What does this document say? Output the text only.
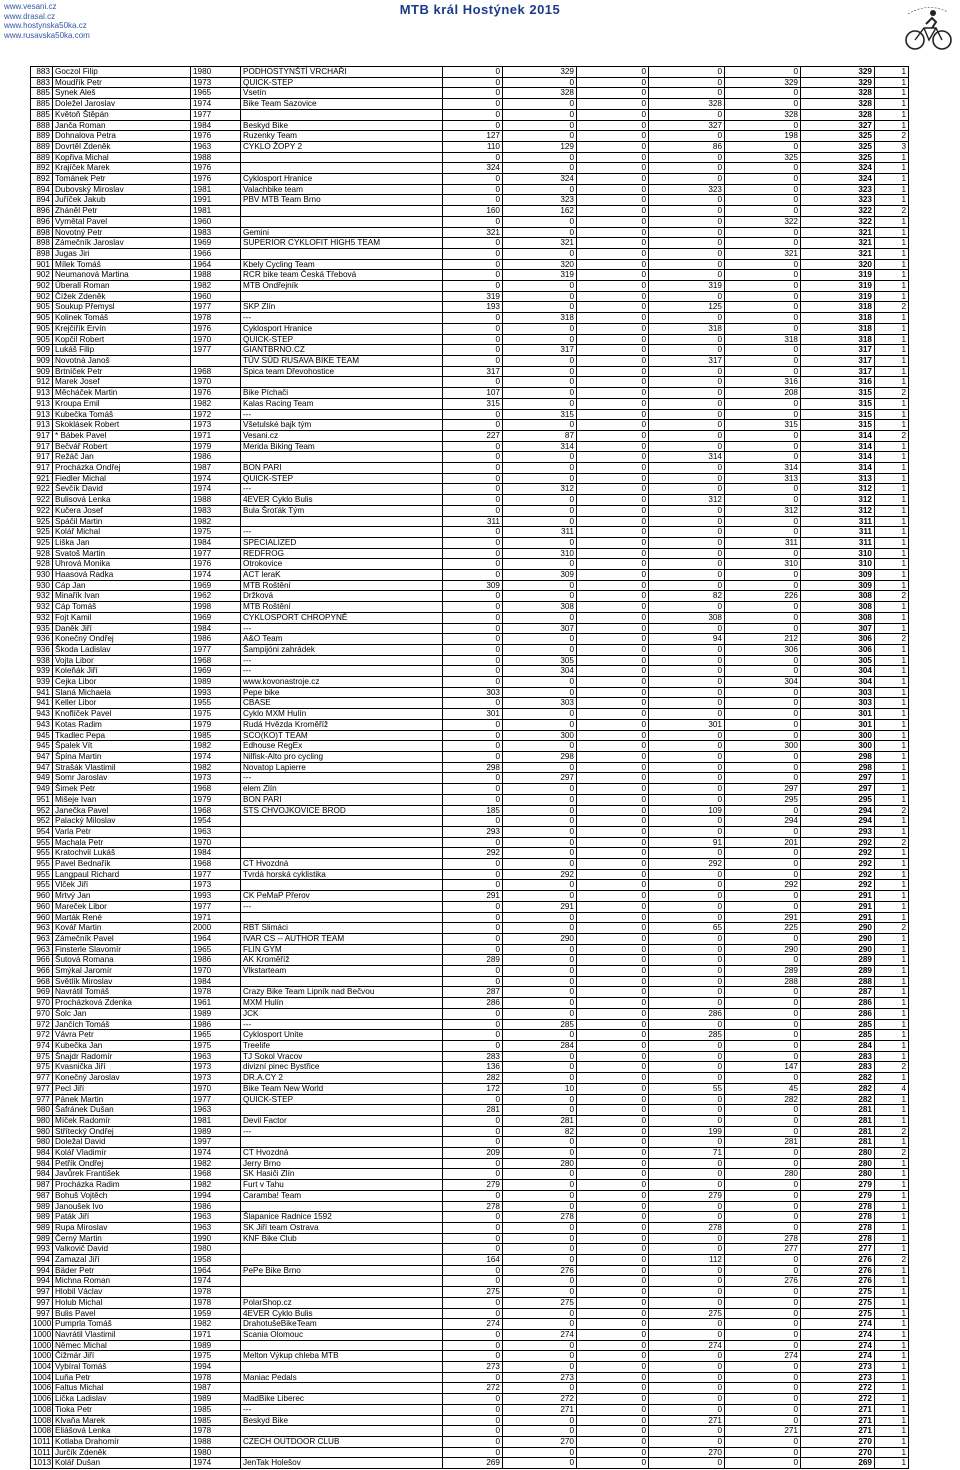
www.vesani.cz
www.drasal.cz
www.hostynska50ka.cz
www.rusavska50ka.com
MTB král Hostýnek 2015
883	Goczol Filip	1980	PODHOSTYNŠTÍ VRCHAŘI	0	329	0	0	0	329	1
883	Moudřík Petr	1973	QUICK-STEP	0	0	0	0	329	329	1
885	Synek Aleš	1965	Vsetín	0	328	0	0	0	328	1
885	Doležel Jaroslav	1974	Bike Team Sazovice	0	0	0	328	0	328	1
885	Květoň Štěpán	1977		0	0	0	0	328	328	1
888	Janča Roman	1984	Beskyd Bike	0	0	0	327	0	327	1
889	Dohnalova Petra	1976	Ruzenky Team	127	0	0	0	198	325	2
889	Dovrtěl Zdeněk	1963	CYKLO ŽOPY 2	110	129	0	86	0	325	3
889	Kopřiva Michal	1988		0	0	0	0	325	325	1
892	Krajíček Marek	1976		324	0	0	0	0	324	1
892	Tománek Petr	1976	Cyklosport Hranice	0	324	0	0	0	324	1
894	Dubovský Miroslav	1981	Valachbike team	0	0	0	323	0	323	1
894	Juříček Jakub	1991	PBV MTB Team Brno	0	323	0	0	0	323	1
896	Zháněl Petr	1981		160	162	0	0	0	322	2
896	Vymětal Pavel	1960		0	0	0	0	322	322	1
898	Novotný Petr	1983	Gemini	321	0	0	0	0	321	1
898	Zámečník Jaroslav	1969	SUPERIOR CYKLOFIT HIGH5 TEAM	0	321	0	0	0	321	1
898	Jugas Jiri	1966		0	0	0	0	321	321	1
901	Mílek Tomáš	1964	Kbely Cycling Team	0	320	0	0	0	320	1
902	Neumanová Martina	1988	RCR bike team Česká Třebová	0	319	0	0	0	319	1
902	Überall Roman	1982	MTB Ondřejník	0	0	0	319	0	319	1
902	Čížek Zdeněk	1960		319	0	0	0	0	319	1
905	Soukup Přemysl	1977	SKP Zlín	193	0	0	125	0	318	2
905	Kolinek Tomáš	1978	---	0	318	0	0	0	318	1
905	Krejčiřík Ervín	1976	Cyklosport Hranice	0	0	0	318	0	318	1
905	Kopčil Robert	1970	QUICK-STEP	0	0	0	0	318	318	1
909	Lukáš Filip	1977	GIANTBRNO.CZ	0	317	0	0	0	317	1
909	Novotná Janoš		TÜV SÜD RUSAVA BIKE TEAM	0	0	0	317	0	317	1
909	Brtníček Petr	1968	Spica team Dřevohostice	317	0	0	0	0	317	1
912	Marek Josef	1970		0	0	0	0	316	316	1
913	Měcháček Martin	1976	Bike Píchači	107	0	0	0	208	315	2
913	Kroupa Emil	1982	Kalas Racing Team	315	0	0	0	0	315	1
913	Kubečka Tomáš	1972	---	0	315	0	0	0	315	1
913	Skoklásek Robert	1973	Všetulské bajk tým	0	0	0	0	315	315	1
917	* Bábek Pavel	1971	Vesani.cz	227	87	0	0	0	314	2
917	Bečvář Robert	1979	Merida Biking Team	0	314	0	0	0	314	1
917	Režáč Jan	1986		0	0	0	314	0	314	1
917	Procházka Ondřej	1987	BON PARI	0	0	0	0	314	314	1
921	Fiedler Michal	1974	QUICK-STEP	0	0	0	0	313	313	1
922	Ševčík David	1974	---	0	312	0	0	0	312	1
922	Bulisová Lenka	1988	4EVER Cyklo Bulis	0	0	0	312	0	312	1
922	Kučera Josef	1983	Bula Šroťák Tým	0	0	0	0	312	312	1
925	Spáčil Martin	1982		311	0	0	0	0	311	1
925	Kolář Michal	1975	---	0	311	0	0	0	311	1
925	Liška Jan	1984	SPECIALIZED	0	0	0	0	311	311	1
928	Svatoš Martin	1977	REDFROG	0	310	0	0	0	310	1
928	Uhrová Monika	1976	Otrokovice	0	0	0	0	310	310	1
930	Haasová Radka	1974	ACT leraK	0	309	0	0	0	309	1
930	Cáp Jan	1969	MTB Roštění	309	0	0	0	0	309	1
932	Minařík Ivan	1962	Držková	0	0	0	82	226	308	2
932	Cáp Tomáš	1998	MTB Roštění	0	308	0	0	0	308	1
932	Fojt Kamil	1969	CYKLOSPORT CHROPYNĚ	0	0	0	308	0	308	1
935	Daněk Jiří	1984	---	0	307	0	0	0	307	1
936	Konečný Ondřej	1986	A&O Team	0	0	0	94	212	306	2
936	Škoda Ladislav	1977	Šampijóni zahrádek	0	0	0	0	306	306	1
938	Vojta Libor	1968	---	0	305	0	0	0	305	1
939	Koleňák Jiří	1969	---	0	304	0	0	0	304	1
939	Cejka Libor	1989	www.kovonastroje.cz	0	0	0	0	304	304	1
941	Slaná Michaela	1993	Pepe bike	303	0	0	0	0	303	1
941	Keller Libor	1955	CBASE	0	303	0	0	0	303	1
943	Knoflíček Pavel	1975	Cyklo MXM Hulín	301	0	0	0	0	301	1
943	Kotas Radim	1979	Rudá Hvězda Kroměříž	0	0	0	301	0	301	1
945	Tkadlec Pepa	1985	SCO(KO)T TEAM	0	300	0	0	0	300	1
945	Špalek Vít	1982	Edhouse RegEx	0	0	0	0	300	300	1
947	Špína Martin	1974	Nilfisk-Alto pro cycling	0	298	0	0	0	298	1
947	Strašák Vlastimil	1982	Novatop Lapierre	298	0	0	0	0	298	1
949	Somr Jaroslav	1973	---	0	297	0	0	0	297	1
949	Šimek Petr	1968	elem Zlín	0	0	0	0	297	297	1
951	Mišeje Ivan	1979	BON PARI	0	0	0	0	295	295	1
952	Janečka Pavel	1968	STS CHVOJKOVICE BROD	185	0	0	109	0	294	2
952	Palacký Miloslav	1954		0	0	0	0	294	294	1
954	Varla Petr	1963		293	0	0	0	0	293	1
955	Machala Petr	1970		0	0	0	91	201	292	2
955	Kratochvil Lukáš	1984		292	0	0	0	0	292	1
955	Pavel Bednařík	1968	CT Hvozdná	0	0	0	292	0	292	1
955	Langpaul Richard	1977	Tvrdá horská cyklistika	0	292	0	0	0	292	1
955	Vlček Jiří	1973		0	0	0	0	292	292	1
960	Mrtvý Jan	1993	CK PeMaP Přerov	291	0	0	0	0	291	1
960	Mareček Libor	1977	---	0	291	0	0	0	291	1
960	Marták René	1971		0	0	0	0	291	291	1
963	Kovář Martin	2000	RBT Slimáci	0	0	0	65	225	290	2
963	Zámečník Pavel	1964	IVAR CS -- AUTHOR TEAM	0	290	0	0	0	290	1
963	Finsterle Slavomír	1965	FLIN GYM	0	0	0	0	290	290	1
966	Šutová Romana	1986	AK Kroměříž	289	0	0	0	0	289	1
966	Smýkal Jaromír	1970	Vlkstarteam	0	0	0	0	289	289	1
968	Světlík Miroslav	1984		0	0	0	0	288	288	1
969	Navrátil Tomáš	1978	Crazy Bike Team Lipník nad Bečvou	287	0	0	0	0	287	1
970	Procházková Zdenka	1961	MXM Hulín	286	0	0	0	0	286	1
970	Šolc Jan	1989	JCK	0	0	0	286	0	286	1
972	Jančích Tomáš	1986	---	0	285	0	0	0	285	1
972	Vávra Petr	1965	Cyklosport Unite	0	0	0	285	0	285	1
974	Kubečka Jan	1975	Treelife	0	284	0	0	0	284	1
975	Šnajdr Radomír	1963	TJ Sokol Vracov	283	0	0	0	0	283	1
975	Kvasnička Jiří	1973	divizní pinec Bystřice	136	0	0	0	147	283	2
977	Konečný Jaroslav	1973	DR.A.CY 2	282	0	0	0	0	282	1
977	Pecl Jiří	1970	Bike Team New World	172	10	0	55	45	282	4
977	Pánek Martin	1977	QUICK-STEP	0	0	0	0	282	282	1
980	Šafránek Dušan	1963		281	0	0	0	0	281	1
980	Míček Radomír	1981	Devil Factor	0	281	0	0	0	281	1
980	Střítecký Ondřej	1989	---	0	82	0	199	0	281	2
980	Doležal David	1997		0	0	0	0	281	281	1
984	Kolář Vladimír	1974	CT Hvozdná	209	0	0	71	0	280	2
984	Petřík Ondřej	1982	Jerry Brno	0	280	0	0	0	280	1
984	Javůrek František	1968	SK Hasiči Zlín	0	0	0	0	280	280	1
987	Procházka Radim	1982	Furt v Tahu	279	0	0	0	0	279	1
987	Bohuš Vojtěch	1994	Caramba! Team	0	0	0	279	0	279	1
989	Janoušek Ivo	1986		278	0	0	0	0	278	1
989	Paták Jiří	1963	Šlapanice Radnice 1592	0	278	0	0	0	278	1
989	Rupa Miroslav	1963	SK Jiří team Ostrava	0	0	0	278	0	278	1
989	Černý Martin	1990	KNF Bike Club	0	0	0	0	278	278	1
993	Valkovič David	1980		0	0	0	0	277	277	1
994	Zamazal Jiří	1958		164	0	0	112	0	276	2
994	Bäder Petr	1964	PePe Bike Brno	0	276	0	0	0	276	1
994	Michna Roman	1974		0	0	0	0	276	276	1
997	Hlobil Václav	1978		275	0	0	0	0	275	1
997	Holub Michal	1978	PolarShop.cz	0	275	0	0	0	275	1
997	Bulis Pavel	1959	4EVER Cyklo Bulis	0	0	0	275	0	275	1
1000	Pumprla Tomáš	1982	DrahotušeBikeTeam	274	0	0	0	0	274	1
1000	Navrátil Vlastimil	1971	Scania Olomouc	0	274	0	0	0	274	1
1000	Němec Michal	1989		0	0	0	274	0	274	1
1000	Čižmár Jiří	1975	Melton Výkup chleba MTB	0	0	0	0	274	274	1
1004	Vybíral Tomáš	1994		273	0	0	0	0	273	1
1004	Luňa Petr	1978	Maniac Pedals	0	273	0	0	0	273	1
1006	Faltus Michal	1987		272	0	0	0	0	272	1
1006	Lička Ladislav	1989	MadBike Liberec	0	272	0	0	0	272	1
1008	Tioka Petr	1985	---	0	271	0	0	0	271	1
1008	Klvaňa Marek	1985	Beskyd Bike	0	0	0	271	0	271	1
1008	Eliášová Lenka	1978		0	0	0	0	271	271	1
1011	Kotlaba Drahomír	1988	CZECH OUTDOOR CLUB	0	270	0	0	0	270	1
1011	Jurčík Zdeněk	1980		0	0	0	270	0	270	1
1013	Kolář Dušan	1974	JenTak Holešov	269	0	0	0	0	269	1
